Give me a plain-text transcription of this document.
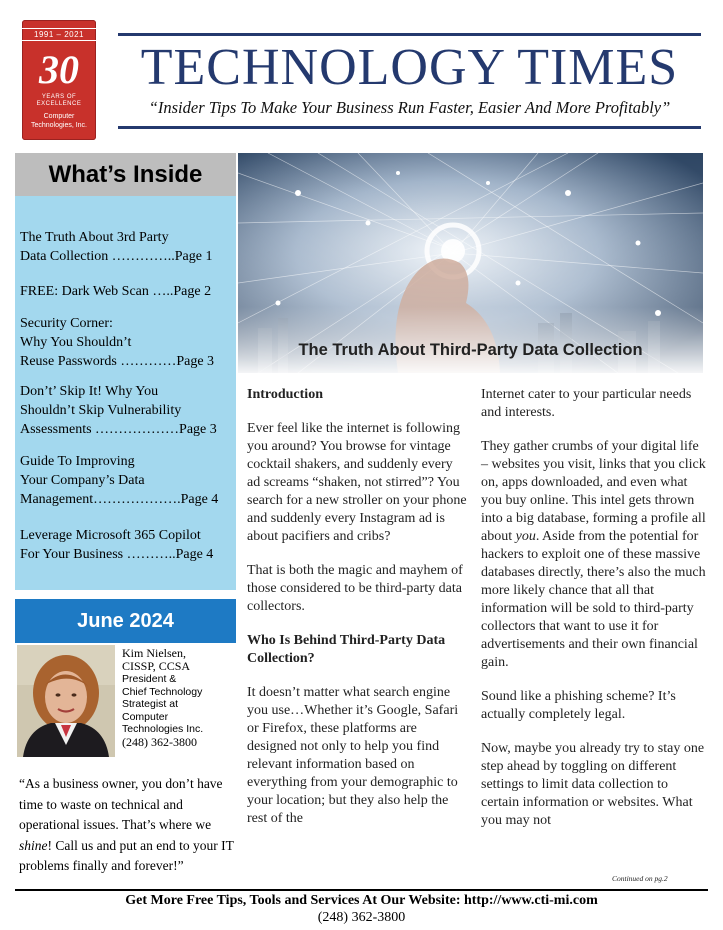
1991 – 2021
30
YEARS OF EXCELLENCE
Computer Technologies, Inc.
TECHNOLOGY TIMES
“Insider Tips To Make Your Business Run Faster, Easier And More Profitably”
What’s Inside
The Truth About 3rd Party
Data Collection …………..Page 1
FREE: Dark Web Scan …..Page 2
Security Corner:
Why You Shouldn’t
Reuse Passwords …………Page 3
Don’t’ Skip It! Why You
Shouldn’t Skip Vulnerability
Assessments ………………Page 3
Guide To Improving
Your Company’s Data
Management……………….Page 4
Leverage Microsoft 365 Copilot
For Your Business ………..Page 4
June 2024
Kim Nielsen,
CISSP, CCSA
President &
Chief Technology
Strategist at
Computer
Technologies Inc.
(248) 362-3800
“As a business owner, you don’t have time to waste on technical and operational issues. That’s where we shine! Call us and put an end to your IT problems finally and forever!”
The Truth About Third-Party Data Collection

Introduction

Ever feel like the internet is following you around? You browse for vintage cocktail shakers, and suddenly every ad screams “shaken, not stirred”? You search for a new stroller on your phone and suddenly every Instagram ad is about pacifiers and cribs?

That is both the magic and mayhem of those considered to be third-party data collectors.

Who Is Behind Third-Party Data Collection?

It doesn’t matter what search engine you use…Whether it’s Google, Safari or Firefox, these platforms are designed not only to help you find relevant information based on everything from your demographic to your location; but they also help the rest of the

Internet cater to your particular needs and interests.

They gather crumbs of your digital life – websites you visit, links that you click on, apps downloaded, and even what you buy online. This intel gets thrown into a big database, forming a profile all about you. Aside from the potential for hackers to exploit one of these massive databases directly, there’s also the much more likely chance that all that information will be sold to third-party collectors that want to use it for advertisements and their own financial gain.

Sound like a phishing scheme? It’s actually completely legal.

Now, maybe you already try to stay one step ahead by toggling on different settings to limit data collection to certain information or websites. What you may not

Continued on pg.2
Get More Free Tips, Tools and Services At Our Website: http://www.cti-mi.com
(248) 362-3800
